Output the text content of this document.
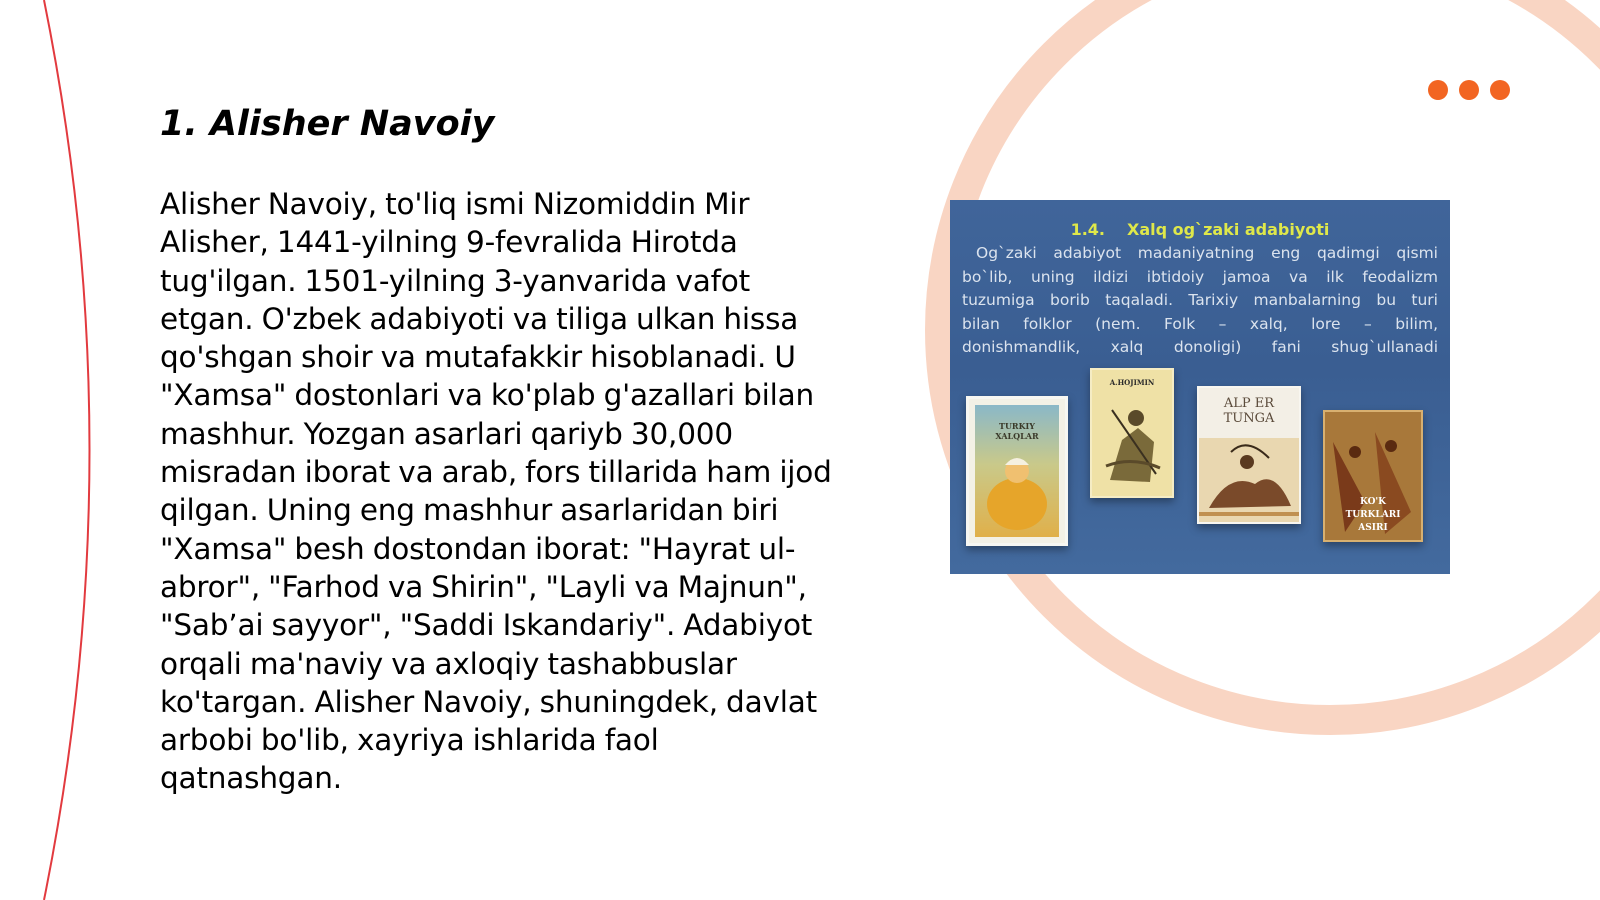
1. Alisher Navoiy

Alisher Navoiy, to'liq ismi Nizomiddin Mir Alisher, 1441-yilning 9-fevralida Hirotda tug'ilgan. 1501-yilning 3-yanvarida vafot etgan. O'zbek adabiyoti va tiliga ulkan hissa qo'shgan shoir va mutafakkir hisoblanadi. U "Xamsa" dostonlari va ko'plab g'azallari bilan mashhur. Yozgan asarlari qariyb 30,000 misradan iborat va arab, fors tillarida ham ijod qilgan. Uning eng mashhur asarlaridan biri "Xamsa" besh dostondan iborat: "Hayrat ul-abror", "Farhod va Shirin", "Layli va Majnun", "Sab’ai sayyor", "Saddi Iskandariy". Adabiyot orqali ma'naviy va axloqiy tashabbuslar ko'targan. Alisher Navoiy, shuningdek, davlat arbobi bo'lib, xayriya ishlarida faol qatnashgan.

1.4. Xalq og`zaki adabiyoti
Og`zaki adabiyot madaniyatning eng qadimgi qismi
bo`lib, uning ildizi ibtidoiy jamoa va ilk feodalizm
tuzumiga borib taqaladi. Tarixiy manbalarning bu turi
bilan folklor (nem. Folk – xalq, lore – bilim,
donishmandlik, xalq donoligi) fani shug`ullanadi
TURKIY XALQLAR
A.HOJIMIN
ALP ER TUNGA
KO'K TURKLARI ASIRI
